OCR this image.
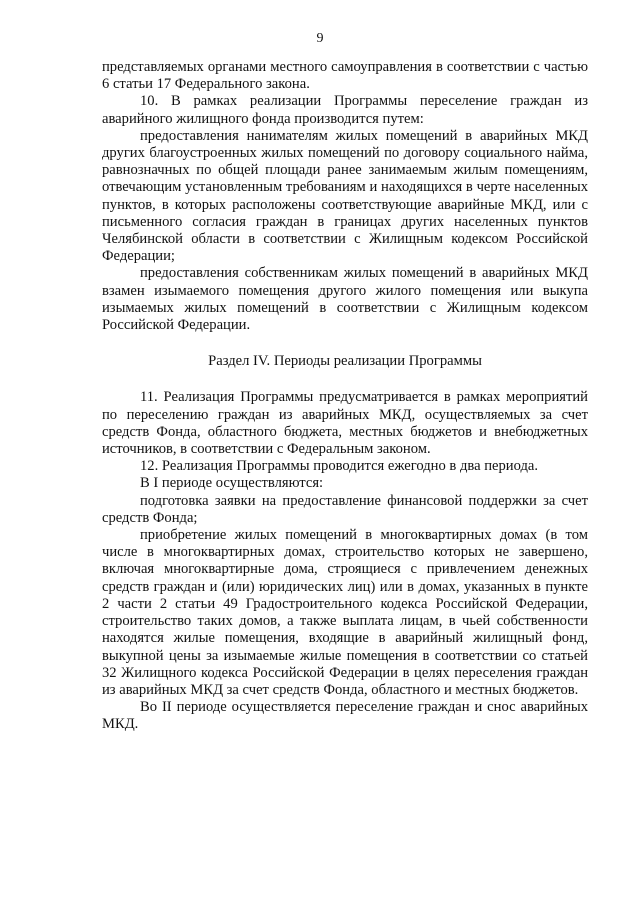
9

представляемых органами местного самоуправления в соответствии с частью 6 статьи 17 Федерального закона.

10. В рамках реализации Программы переселение граждан из аварийного жилищного фонда производится путем:

предоставления нанимателям жилых помещений в аварийных МКД других благоустроенных жилых помещений по договору социального найма, равнозначных по общей площади ранее занимаемым жилым помещениям, отвечающим установленным требованиям и находящихся в черте населенных пунктов, в которых расположены соответствующие аварийные МКД, или с письменного согласия граждан в границах других населенных пунктов Челябинской области в соответствии с Жилищным кодексом Российской Федерации;

предоставления собственникам жилых помещений в аварийных МКД взамен изымаемого помещения другого жилого помещения или выкупа изымаемых жилых помещений в соответствии с Жилищным кодексом Российской Федерации.

Раздел IV. Периоды реализации Программы

11. Реализация Программы предусматривается в рамках мероприятий по переселению граждан из аварийных МКД, осуществляемых за счет средств Фонда, областного бюджета, местных бюджетов и внебюджетных источников, в соответствии с Федеральным законом.

12. Реализация Программы проводится ежегодно в два периода.

В I периоде осуществляются:

подготовка заявки на предоставление финансовой поддержки за счет средств Фонда;

приобретение жилых помещений в многоквартирных домах (в том числе в многоквартирных домах, строительство которых не завершено, включая многоквартирные дома, строящиеся с привлечением денежных средств граждан и (или) юридических лиц) или в домах, указанных в пункте 2 части 2 статьи 49 Градостроительного кодекса Российской Федерации, строительство таких домов, а также выплата лицам, в чьей собственности находятся жилые помещения, входящие в аварийный жилищный фонд, выкупной цены за изымаемые жилые помещения в соответствии со статьей 32 Жилищного кодекса Российской Федерации в целях переселения граждан из аварийных МКД за счет средств Фонда, областного и местных бюджетов.

Во II периоде осуществляется переселение граждан и снос аварийных МКД.
